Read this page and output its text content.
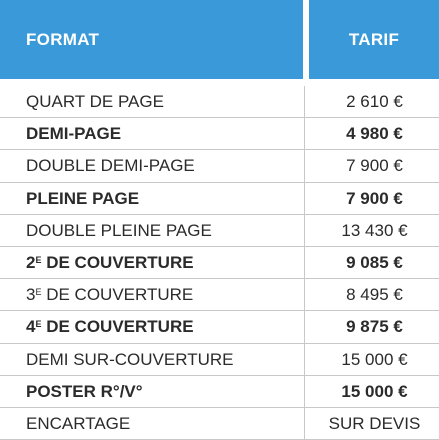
FORMAT	TARIF
QUART DE PAGE	2 610 €
DEMI-PAGE	4 980 €
DOUBLE DEMI-PAGE	7 900 €
PLEINE PAGE	7 900 €
DOUBLE PLEINE PAGE	13 430 €
$2^E$ DE COUVERTURE	9 085 €
$3^E$ DE COUVERTURE	8 495 €
$4^E$ DE COUVERTURE	9 875 €
DEMI SUR-COUVERTURE	15 000 €
POSTER R°/V°	15 000 €
ENCARTAGE	SUR DEVIS
